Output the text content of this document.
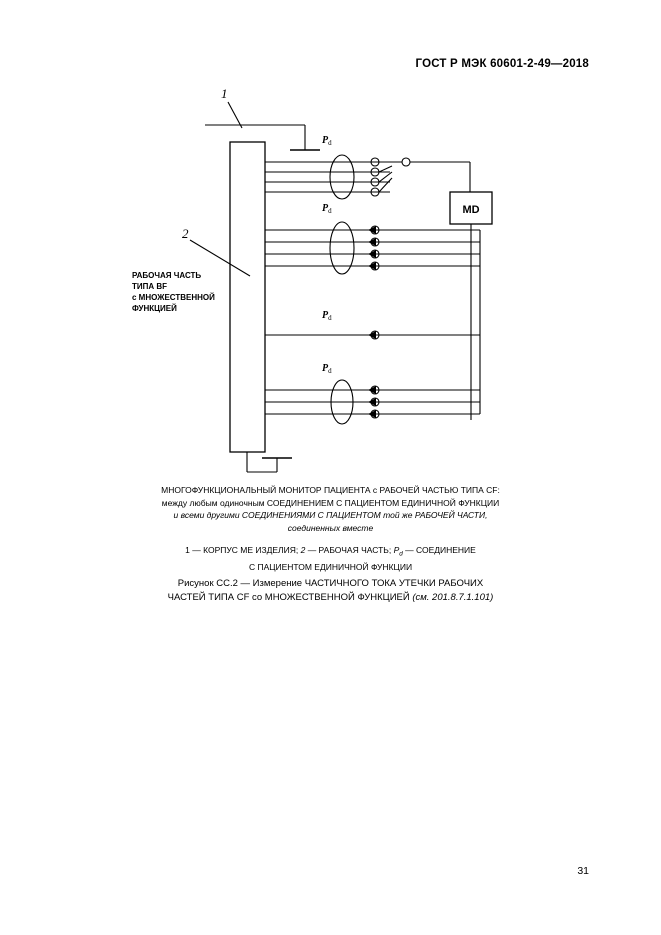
ГОСТ Р МЭК 60601-2-49—2018
1
2
$P_d$
$P_d$
$P_d$
$P_d$
MD
РАБОЧАЯ ЧАСТЬ
ТИПА BF
с МНОЖЕСТВЕННОЙ
ФУНКЦИЕЙ
МНОГОФУНКЦИОНАЛЬНЫЙ МОНИТОР ПАЦИЕНТА с РАБОЧЕЙ ЧАСТЬЮ ТИПА CF:
между любым одиночным СОЕДИНЕНИЕМ С ПАЦИЕНТОМ ЕДИНИЧНОЙ ФУНКЦИИ
и всеми другими СОЕДИНЕНИЯМИ С ПАЦИЕНТОМ той же РАБОЧЕЙ ЧАСТИ,
соединенных вместе
1 — КОРПУС МЕ ИЗДЕЛИЯ; 2 — РАБОЧАЯ ЧАСТЬ; $P_d$ — СОЕДИНЕНИЕ
С ПАЦИЕНТОМ ЕДИНИЧНОЙ ФУНКЦИИ
Рисунок СС.2 — Измерение ЧАСТИЧНОГО ТОКА УТЕЧКИ РАБОЧИХ
ЧАСТЕЙ ТИПА CF со МНОЖЕСТВЕННОЙ ФУНКЦИЕЙ (см. 201.8.7.1.101)
31
